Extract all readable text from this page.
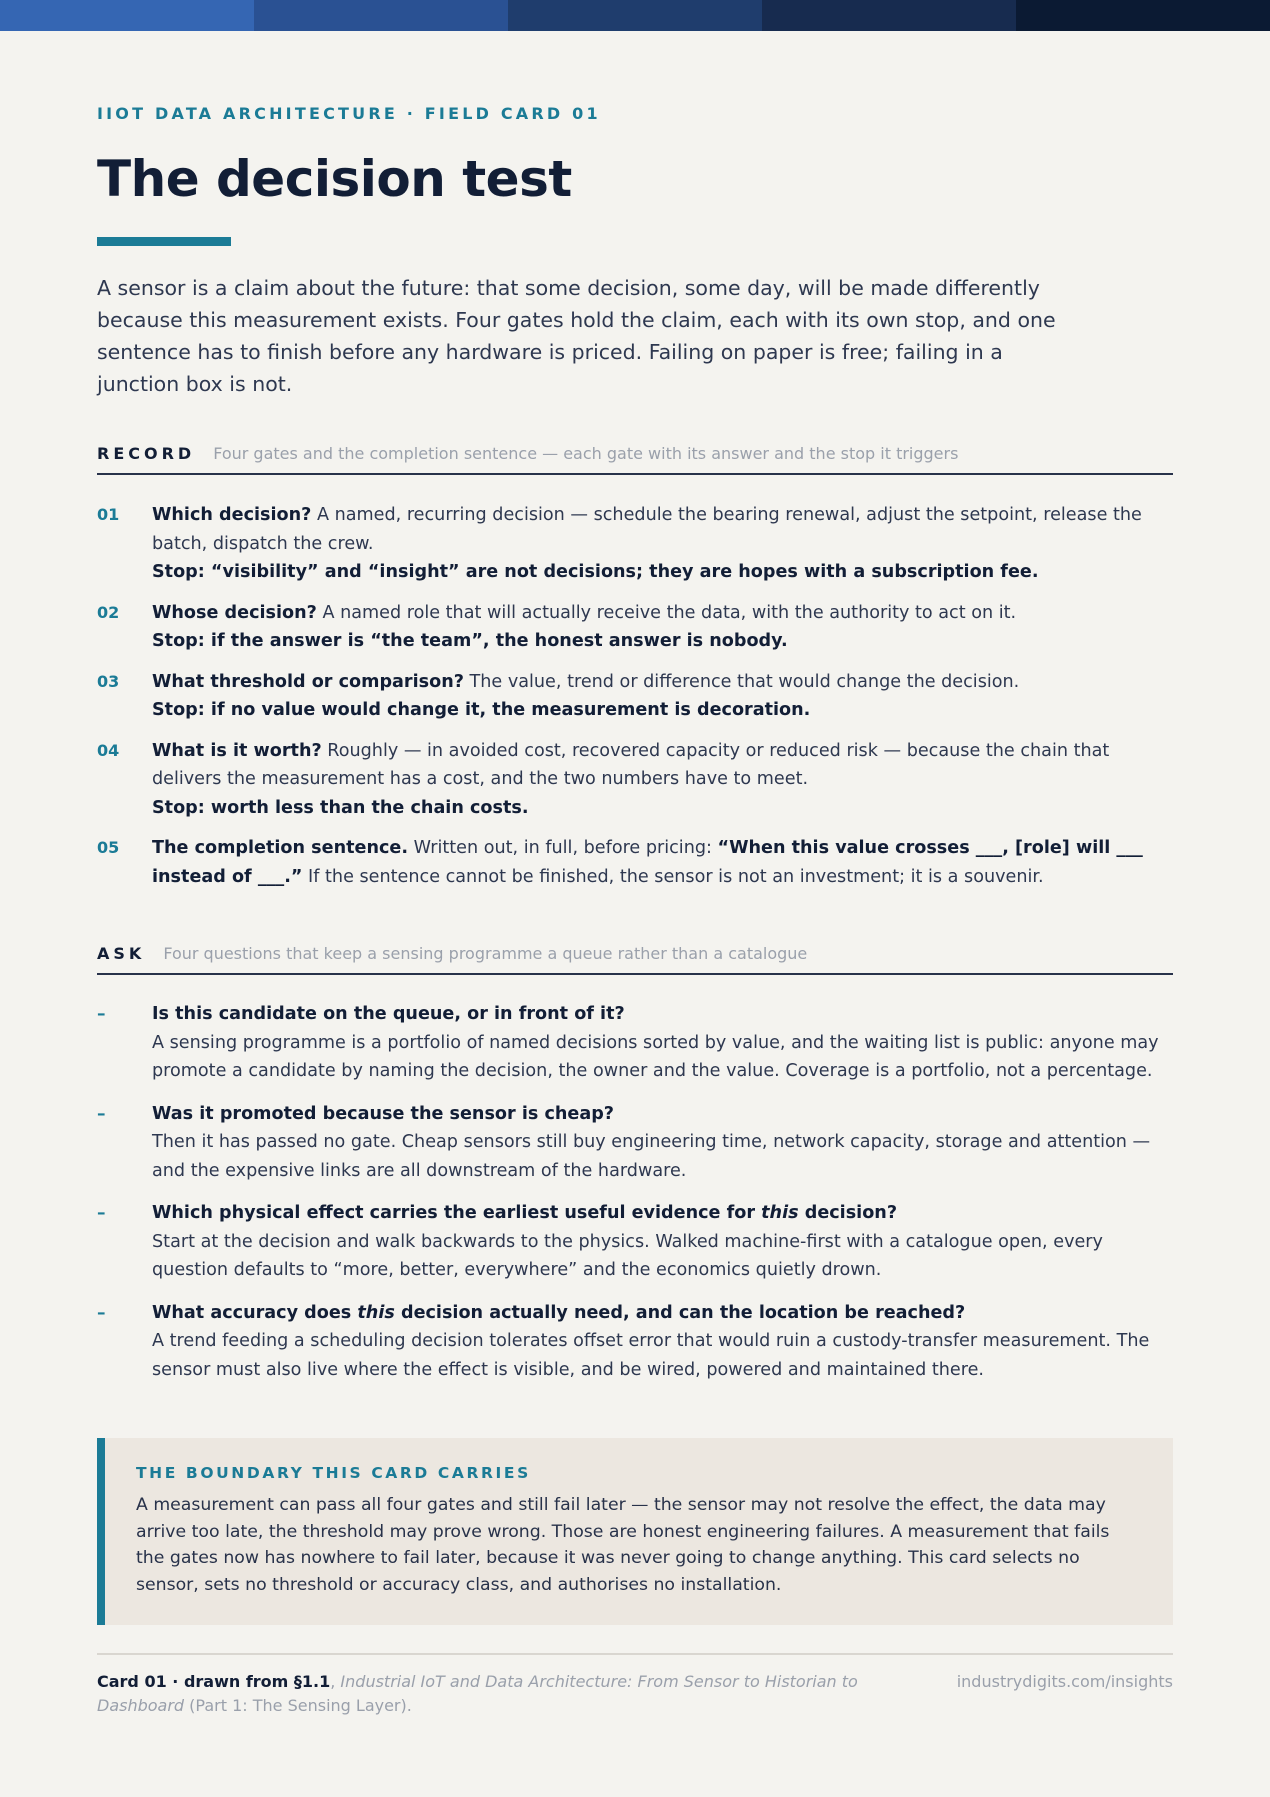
IIOT DATA ARCHITECTURE · FIELD CARD 01
The decision test

A sensor is a claim about the future: that some decision, some day, will be made differently because this measurement exists. Four gates hold the claim, each with its own stop, and one sentence has to finish before any hardware is priced. Failing on paper is free; failing in a junction box is not.

RECORD Four gates and the completion sentence — each gate with its answer and the stop it triggers
01	Which decision? A named, recurring decision — schedule the bearing renewal, adjust the setpoint, release the batch, dispatch the crew.
Stop: “visibility” and “insight” are not decisions; they are hopes with a subscription fee.
02	Whose decision? A named role that will actually receive the data, with the authority to act on it.
Stop: if the answer is “the team”, the honest answer is nobody.
03	What threshold or comparison? The value, trend or difference that would change the decision.
Stop: if no value would change it, the measurement is decoration.
04	What is it worth? Roughly — in avoided cost, recovered capacity or reduced risk — because the chain that delivers the measurement has a cost, and the two numbers have to meet.
Stop: worth less than the chain costs.
05	The completion sentence. Written out, in full, before pricing: “When this value crosses ___, [role] will ___ instead of ___.” If the sentence cannot be finished, the sensor is not an investment; it is a souvenir.
ASK Four questions that keep a sensing programme a queue rather than a catalogue
–	Is this candidate on the queue, or in front of it?
A sensing programme is a portfolio of named decisions sorted by value, and the waiting list is public: anyone may promote a candidate by naming the decision, the owner and the value. Coverage is a portfolio, not a percentage.
–	Was it promoted because the sensor is cheap?
Then it has passed no gate. Cheap sensors still buy engineering time, network capacity, storage and attention — and the expensive links are all downstream of the hardware.
–	Which physical effect carries the earliest useful evidence for this decision?
Start at the decision and walk backwards to the physics. Walked machine-first with a catalogue open, every question defaults to “more, better, everywhere” and the economics quietly drown.
–	What accuracy does this decision actually need, and can the location be reached?
A trend feeding a scheduling decision tolerates offset error that would ruin a custody-transfer measurement. The sensor must also live where the effect is visible, and be wired, powered and maintained there.
THE BOUNDARY THIS CARD CARRIES
A measurement can pass all four gates and still fail later — the sensor may not resolve the effect, the data may arrive too late, the threshold may prove wrong. Those are honest engineering failures. A measurement that fails the gates now has nowhere to fail later, because it was never going to change anything. This card selects no sensor, sets no threshold or accuracy class, and authorises no installation.
Card 01 · drawn from §1.1, Industrial IoT and Data Architecture: From Sensor to Historian to Dashboard (Part 1: The Sensing Layer).
industrydigits.com/insights
